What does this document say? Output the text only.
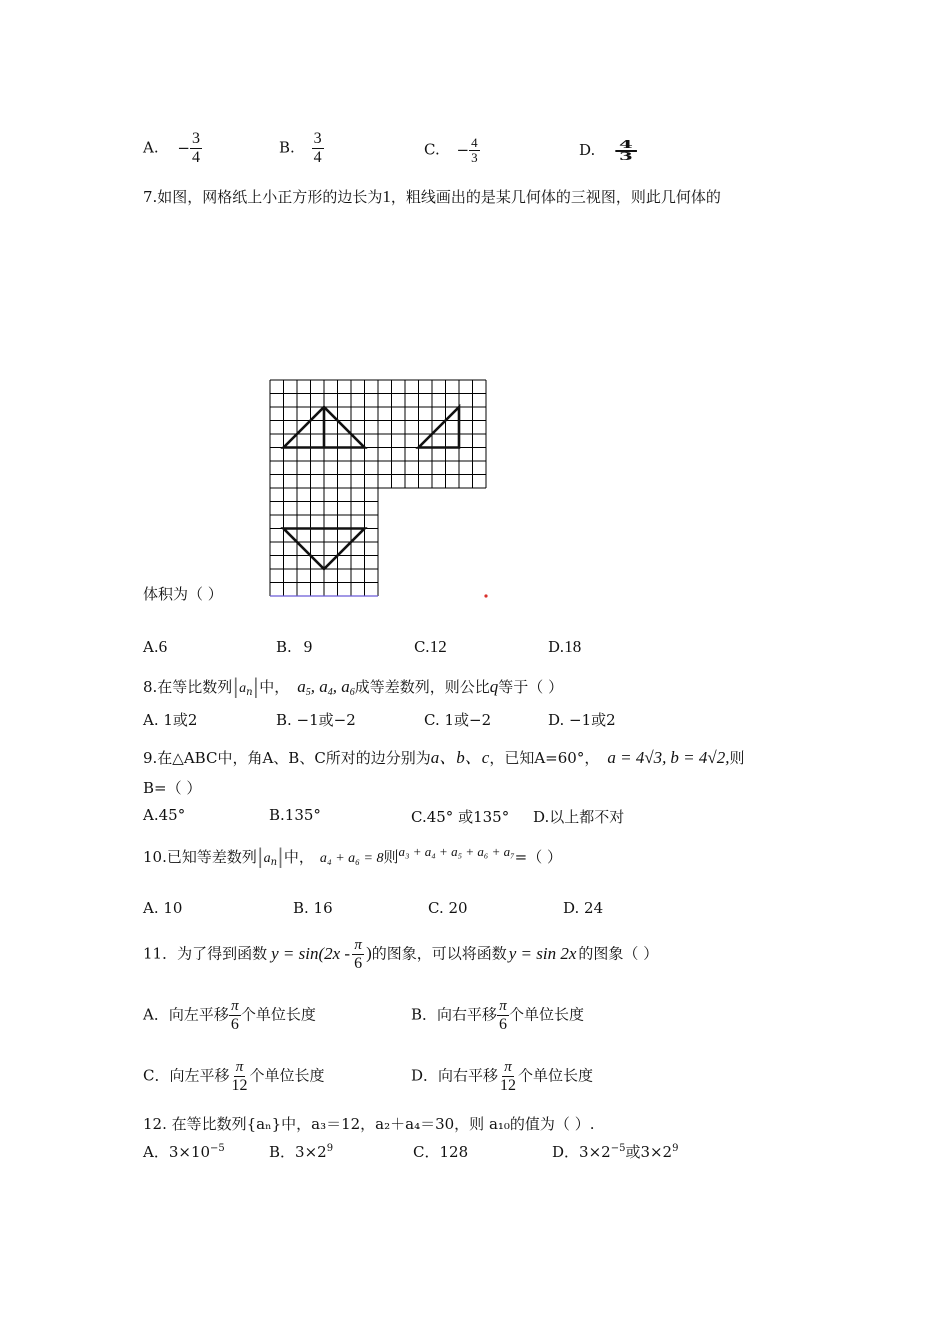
A. − $\frac{3}{4}$	B. $\frac{3}{4}$	C. − $\frac{4}{3}$	D. $\frac{4}{3}$
7.如图，网格纸上小正方形的边长为1，粗线画出的是某几何体的三视图，则此几何体的
体积为（ ）
A.6	B. 9	C.12	D.18
8.在等比数列$|a_n|$中， $a_5$, $a_4$, $a_6$成等差数列，则公比q等于（ ）
A. 1或2	B. −1或−2	C. 1或−2	D. −1或2
9.在△ABC中，角A、B、C所对的边分别为a、b、c，已知A=60°， a = 4√3, b = 4√2,则
B=（ ）
A.45°	B.135°	C.45° 或135° D.以上都不对
10.已知等差数列$|a_n|$中， a₄ + a₆ = 8则a₃ + a₄ + a₅ + a₆ + a₇=（ ）
A. 10	B. 16	C. 20	D. 24
11．为了得到函数 $y = \sin(2x - \frac{\pi}{6}$ )的图象，可以将函数 y = sin 2x 的图象（ ）
A．向左平移 $\frac{\pi}{6}$ 个单位长度	B．向右平移 $\frac{\pi}{6}$ 个单位长度
C．向左平移 $\frac{\pi}{12}$ 个单位长度	D．向右平移 $\frac{\pi}{12}$ 个单位长度
12. 在等比数列{aₙ}中，a₃＝12，a₂＋a₄＝30，则 a₁₀的值为（ ）.
A．$3\times 10^{-5}$	B．$3\times 2^9$	C．128	D．$3\times 2^{-5}$或$3\times 2^9$
